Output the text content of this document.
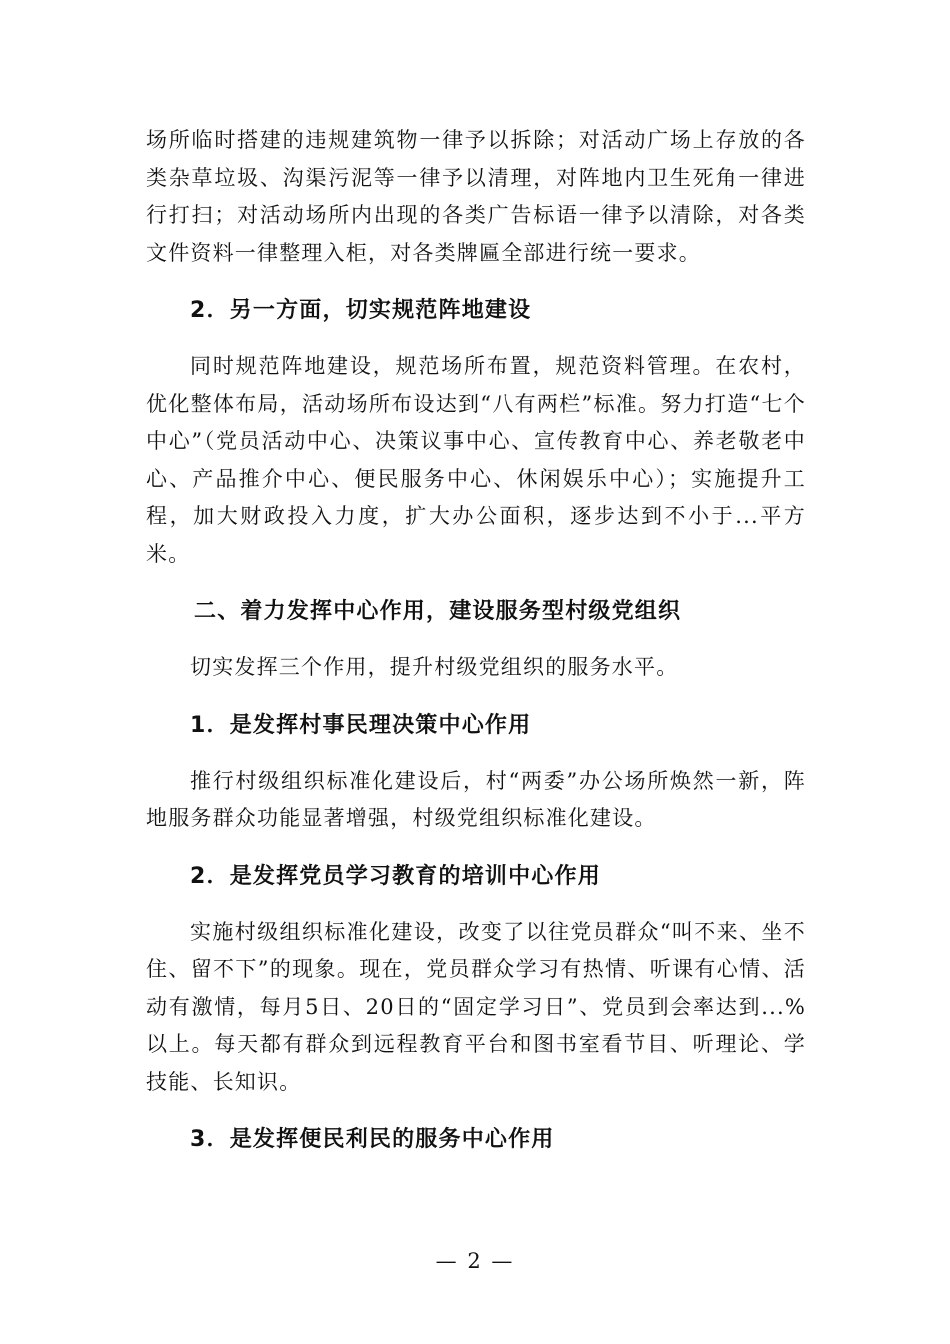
场所临时搭建的违规建筑物一律予以拆除；对活动广场上存放的各类杂草垃圾、沟渠污泥等一律予以清理，对阵地内卫生死角一律进行打扫；对活动场所内出现的各类广告标语一律予以清除，对各类文件资料一律整理入柜，对各类牌匾全部进行统一要求。

2．另一方面，切实规范阵地建设

同时规范阵地建设，规范场所布置，规范资料管理。在农村，优化整体布局，活动场所布设达到“八有两栏”标准。努力打造“七个中心”（党员活动中心、决策议事中心、宣传教育中心、养老敬老中心、产品推介中心、便民服务中心、休闲娱乐中心）；实施提升工程，加大财政投入力度，扩大办公面积，逐步达到不小于...平方米。

二、着力发挥中心作用，建设服务型村级党组织

切实发挥三个作用，提升村级党组织的服务水平。

1．是发挥村事民理决策中心作用

推行村级组织标准化建设后，村“两委”办公场所焕然一新，阵地服务群众功能显著增强，村级党组织标准化建设。

2．是发挥党员学习教育的培训中心作用

实施村级组织标准化建设，改变了以往党员群众“叫不来、坐不住、留不下”的现象。现在，党员群众学习有热情、听课有心情、活动有激情，每月5日、20日的“固定学习日”、党员到会率达到...%以上。每天都有群众到远程教育平台和图书室看节目、听理论、学技能、长知识。

3．是发挥便民利民的服务中心作用
— 2 —
